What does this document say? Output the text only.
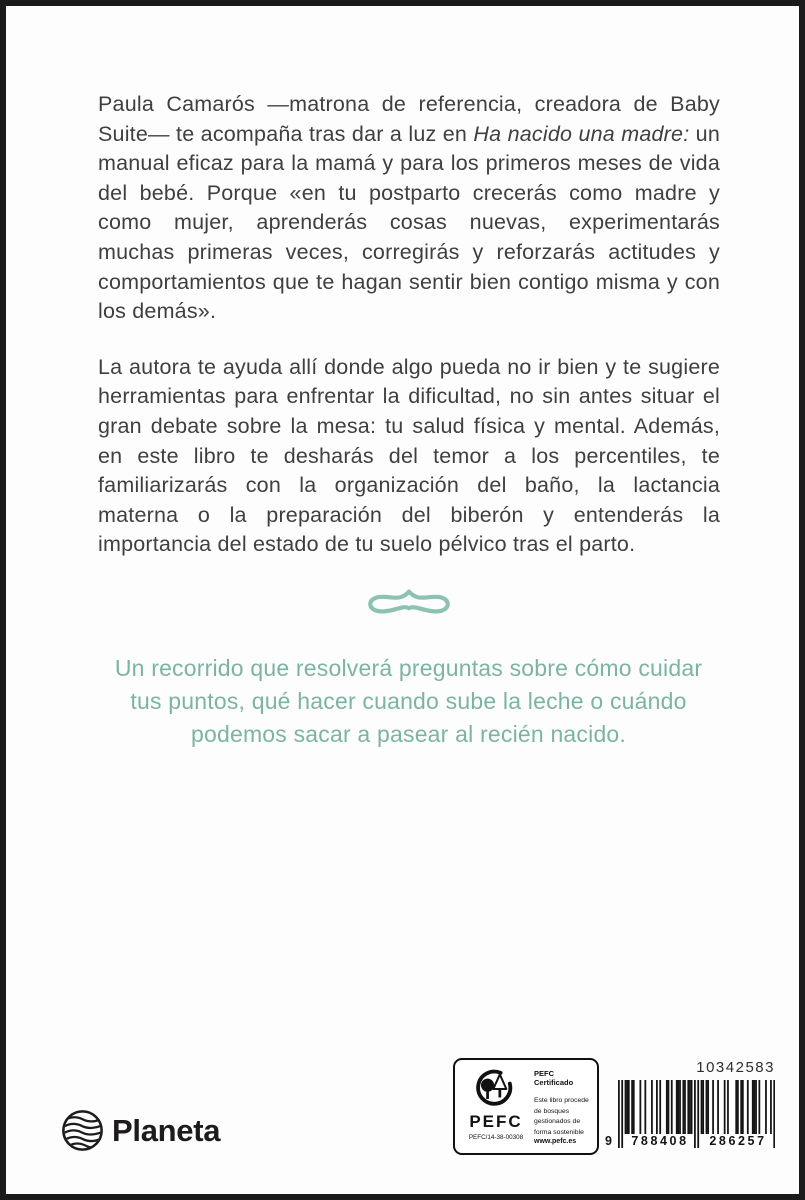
Paula Camarós —matrona de referencia, creadora de Baby Suite— te acompaña tras dar a luz en Ha nacido una madre: un manual eficaz para la mamá y para los primeros meses de vida del bebé. Porque «en tu postparto crecerás como madre y como mujer, aprenderás cosas nuevas, experimentarás muchas primeras veces, corregirás y reforzarás actitudes y comportamientos que te hagan sentir bien contigo misma y con los demás».

La autora te ayuda allí donde algo pueda no ir bien y te sugiere herramientas para enfrentar la dificultad, no sin antes situar el gran debate sobre la mesa: tu salud física y mental. Además, en este libro te desharás del temor a los percentiles, te familiarizarás con la organización del baño, la lactancia materna o la preparación del biberón y entenderás la importancia del estado de tu suelo pélvico tras el parto.

Un recorrido que resolverá preguntas sobre cómo cuidar tus puntos, qué hacer cuando sube la leche o cuándo podemos sacar a pasear al recién nacido.
Planeta	PEFC
PEFC/14-38-00308
PEFC Certificado
Este libro procede de bosques gestionados de forma sostenible
www.pefc.es
10342583
9	788408	286257
